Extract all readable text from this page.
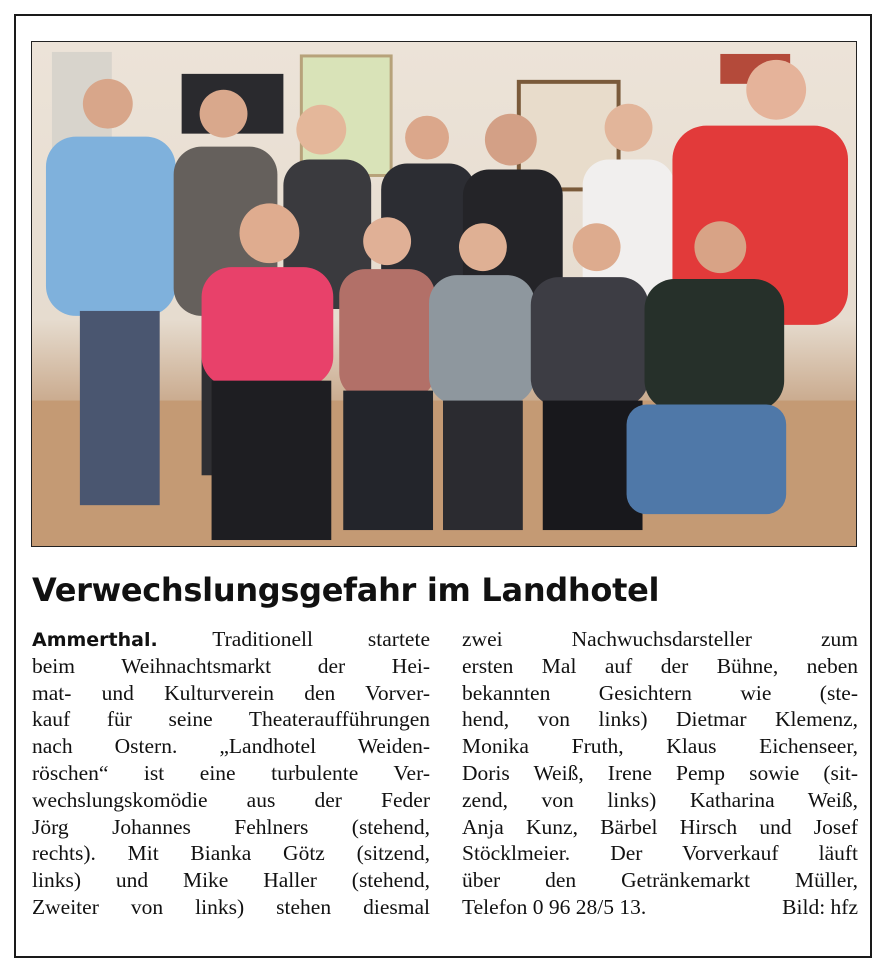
Verwechslungsgefahr im Landhotel
Ammerthal. Traditionell startete
beim Weihnachtsmarkt der Hei-
mat- und Kulturverein den Vorver-
kauf für seine Theateraufführungen
nach Ostern. „Landhotel Weiden-
röschen“ ist eine turbulente Ver-
wechslungskomödie aus der Feder
Jörg Johannes Fehlners (stehend,
rechts). Mit Bianka Götz (sitzend,
links) und Mike Haller (stehend,
Zweiter von links) stehen diesmal
zwei Nachwuchsdarsteller zum
ersten Mal auf der Bühne, neben
bekannten Gesichtern wie (ste-
hend, von links) Dietmar Klemenz,
Monika Fruth, Klaus Eichenseer,
Doris Weiß, Irene Pemp sowie (sit-
zend, von links) Katharina Weiß,
Anja Kunz, Bärbel Hirsch und Josef
Stöcklmeier. Der Vorverkauf läuft
über den Getränkemarkt Müller,
Telefon 0 96 28/5 13.	Bild: hfz
